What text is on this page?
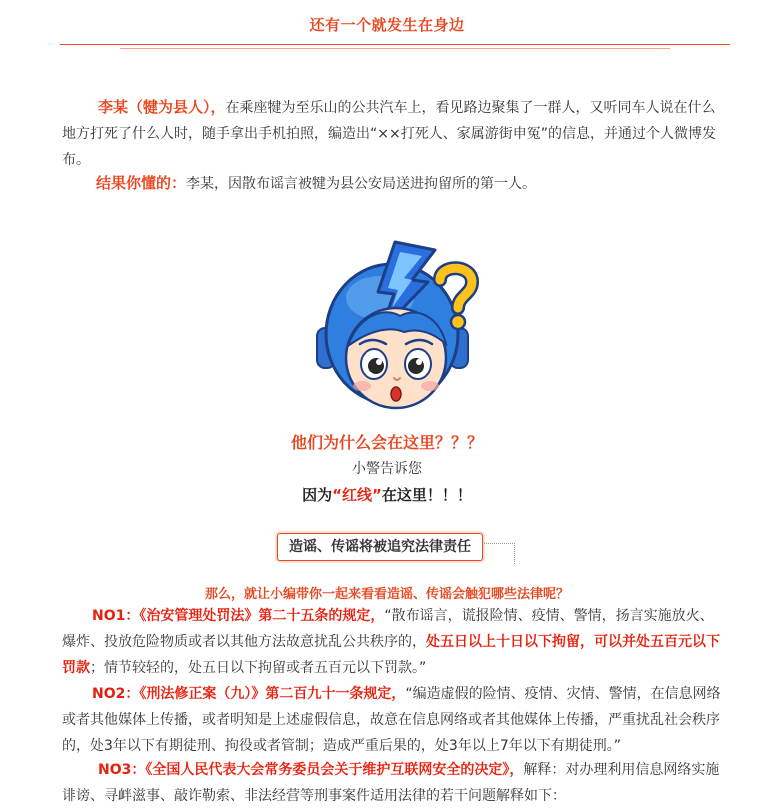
还有一个就发生在身边
李某（犍为县人），在乘座犍为至乐山的公共汽车上，看见路边聚集了一群人，又听同车人说在什么地方打死了什么人时，随手拿出手机拍照，编造出“××打死人、家属游街申冤”的信息，并通过个人微博发布。
结果你懂的：李某，因散布谣言被犍为县公安局送进拘留所的第一人。
他们为什么会在这里？？？
小警告诉您
因为“红线”在这里！！！
造谣、传谣将被追究法律责任
那么，就让小编带你一起来看看造谣、传谣会触犯哪些法律呢？
NO1：《治安管理处罚法》第二十五条的规定，“散布谣言，谎报险情、疫情、警情，扬言实施放火、爆炸、投放危险物质或者以其他方法故意扰乱公共秩序的，处五日以上十日以下拘留，可以并处五百元以下罚款；情节较轻的，处五日以下拘留或者五百元以下罚款。”
NO2：《刑法修正案（九）》第二百九十一条规定，“编造虚假的险情、疫情、灾情、警情，在信息网络或者其他媒体上传播，或者明知是上述虚假信息，故意在信息网络或者其他媒体上传播，严重扰乱社会秩序的，处3年以下有期徒刑、拘役或者管制；造成严重后果的，处3年以上7年以下有期徒刑。”
NO3：《全国人民代表大会常务委员会关于维护互联网安全的决定》，解释：对办理利用信息网络实施诽谤、寻衅滋事、敲诈勒索、非法经营等刑事案件适用法律的若干问题解释如下：
